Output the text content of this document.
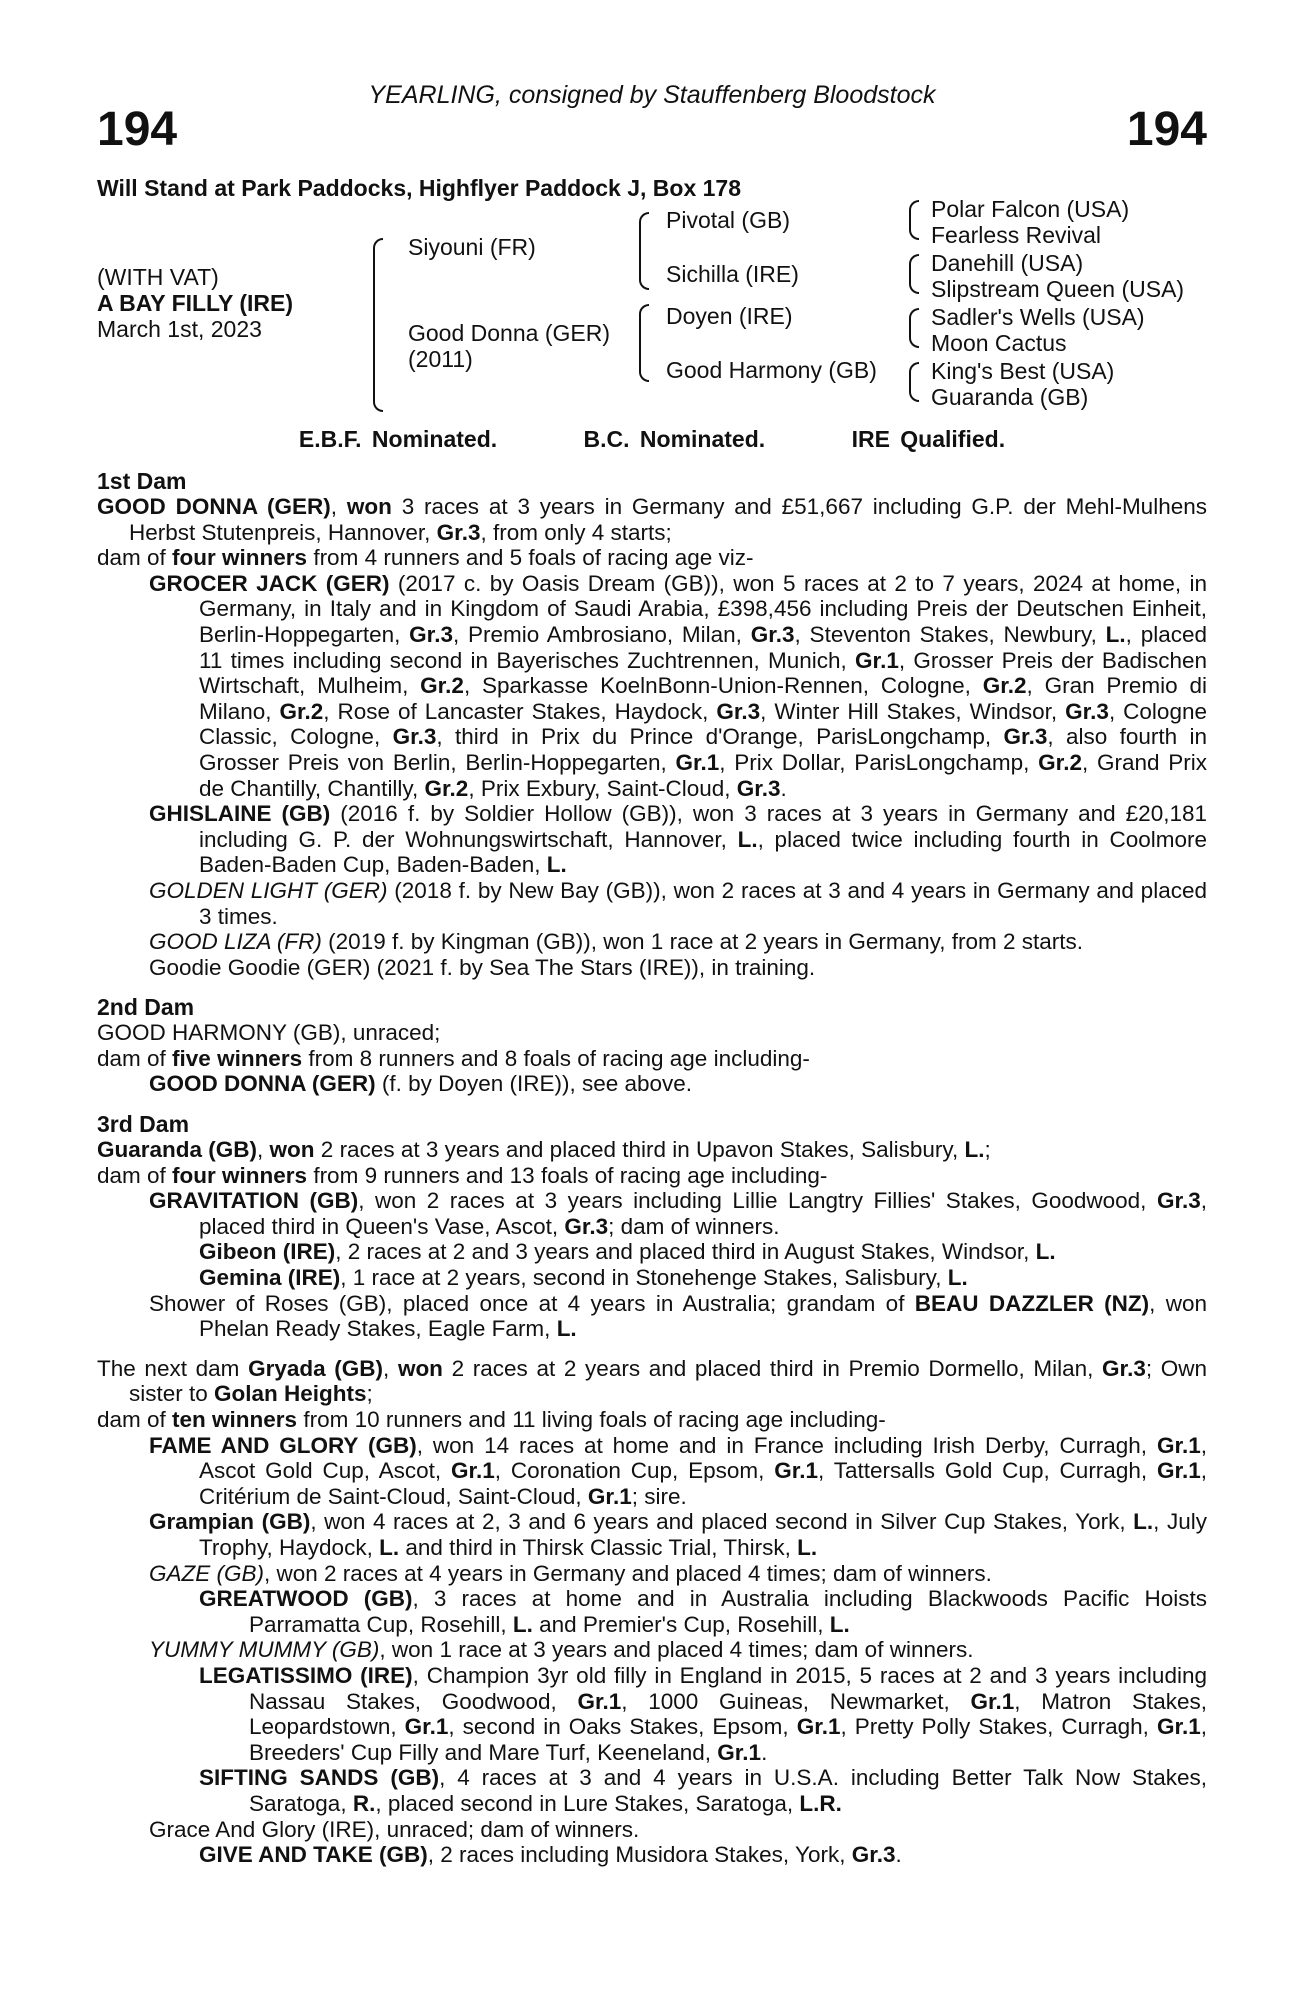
YEARLING, consigned by Stauffenberg Bloodstock
194	194
Will Stand at Park Paddocks, Highflyer Paddock J, Box 178
(WITH VAT)
A BAY FILLY (IRE)
March 1st, 2023
Siyouni (FR)
Good Donna (GER)
(2011)
Pivotal (GB)
Sichilla (IRE)
Doyen (IRE)
Good Harmony (GB)
Polar Falcon (USA)
Fearless Revival
Danehill (USA)
Slipstream Queen (USA)
Sadler's Wells (USA)
Moon Cactus
King's Best (USA)
Guaranda (GB)
E.B.F. Nominated.	B.C. Nominated.	IRE Qualified.
1st Dam
GOOD DONNA (GER), won 3 races at 3 years in Germany and £51,667 including G.P. der Mehl-Mulhens Herbst Stutenpreis, Hannover, Gr.3, from only 4 starts;
dam of four winners from 4 runners and 5 foals of racing age viz-
GROCER JACK (GER) (2017 c. by Oasis Dream (GB)), won 5 races at 2 to 7 years, 2024 at home, in Germany, in Italy and in Kingdom of Saudi Arabia, £398,456 including Preis der Deutschen Einheit, Berlin-Hoppegarten, Gr.3, Premio Ambrosiano, Milan, Gr.3, Steventon Stakes, Newbury, L., placed 11 times including second in Bayerisches Zuchtrennen, Munich, Gr.1, Grosser Preis der Badischen Wirtschaft, Mulheim, Gr.2, Sparkasse KoelnBonn-Union-Rennen, Cologne, Gr.2, Gran Premio di Milano, Gr.2, Rose of Lancaster Stakes, Haydock, Gr.3, Winter Hill Stakes, Windsor, Gr.3, Cologne Classic, Cologne, Gr.3, third in Prix du Prince d'Orange, ParisLongchamp, Gr.3, also fourth in Grosser Preis von Berlin, Berlin-Hoppegarten, Gr.1, Prix Dollar, ParisLongchamp, Gr.2, Grand Prix de Chantilly, Chantilly, Gr.2, Prix Exbury, Saint-Cloud, Gr.3.
GHISLAINE (GB) (2016 f. by Soldier Hollow (GB)), won 3 races at 3 years in Germany and £20,181 including G. P. der Wohnungswirtschaft, Hannover, L., placed twice including fourth in Coolmore Baden-Baden Cup, Baden-Baden, L.
GOLDEN LIGHT (GER) (2018 f. by New Bay (GB)), won 2 races at 3 and 4 years in Germany and placed 3 times.
GOOD LIZA (FR) (2019 f. by Kingman (GB)), won 1 race at 2 years in Germany, from 2 starts.
Goodie Goodie (GER) (2021 f. by Sea The Stars (IRE)), in training.
2nd Dam
GOOD HARMONY (GB), unraced;
dam of five winners from 8 runners and 8 foals of racing age including-
GOOD DONNA (GER) (f. by Doyen (IRE)), see above.
3rd Dam
Guaranda (GB), won 2 races at 3 years and placed third in Upavon Stakes, Salisbury, L.;
dam of four winners from 9 runners and 13 foals of racing age including-
GRAVITATION (GB), won 2 races at 3 years including Lillie Langtry Fillies' Stakes, Goodwood, Gr.3, placed third in Queen's Vase, Ascot, Gr.3; dam of winners.
Gibeon (IRE), 2 races at 2 and 3 years and placed third in August Stakes, Windsor, L.
Gemina (IRE), 1 race at 2 years, second in Stonehenge Stakes, Salisbury, L.
Shower of Roses (GB), placed once at 4 years in Australia; grandam of BEAU DAZZLER (NZ), won Phelan Ready Stakes, Eagle Farm, L.
The next dam Gryada (GB), won 2 races at 2 years and placed third in Premio Dormello, Milan, Gr.3; Own sister to Golan Heights;
dam of ten winners from 10 runners and 11 living foals of racing age including-
FAME AND GLORY (GB), won 14 races at home and in France including Irish Derby, Curragh, Gr.1, Ascot Gold Cup, Ascot, Gr.1, Coronation Cup, Epsom, Gr.1, Tattersalls Gold Cup, Curragh, Gr.1, Critérium de Saint-Cloud, Saint-Cloud, Gr.1; sire.
Grampian (GB), won 4 races at 2, 3 and 6 years and placed second in Silver Cup Stakes, York, L., July Trophy, Haydock, L. and third in Thirsk Classic Trial, Thirsk, L.
GAZE (GB), won 2 races at 4 years in Germany and placed 4 times; dam of winners.
GREATWOOD (GB), 3 races at home and in Australia including Blackwoods Pacific Hoists Parramatta Cup, Rosehill, L. and Premier's Cup, Rosehill, L.
YUMMY MUMMY (GB), won 1 race at 3 years and placed 4 times; dam of winners.
LEGATISSIMO (IRE), Champion 3yr old filly in England in 2015, 5 races at 2 and 3 years including Nassau Stakes, Goodwood, Gr.1, 1000 Guineas, Newmarket, Gr.1, Matron Stakes, Leopardstown, Gr.1, second in Oaks Stakes, Epsom, Gr.1, Pretty Polly Stakes, Curragh, Gr.1, Breeders' Cup Filly and Mare Turf, Keeneland, Gr.1.
SIFTING SANDS (GB), 4 races at 3 and 4 years in U.S.A. including Better Talk Now Stakes, Saratoga, R., placed second in Lure Stakes, Saratoga, L.R.
Grace And Glory (IRE), unraced; dam of winners.
GIVE AND TAKE (GB), 2 races including Musidora Stakes, York, Gr.3.
